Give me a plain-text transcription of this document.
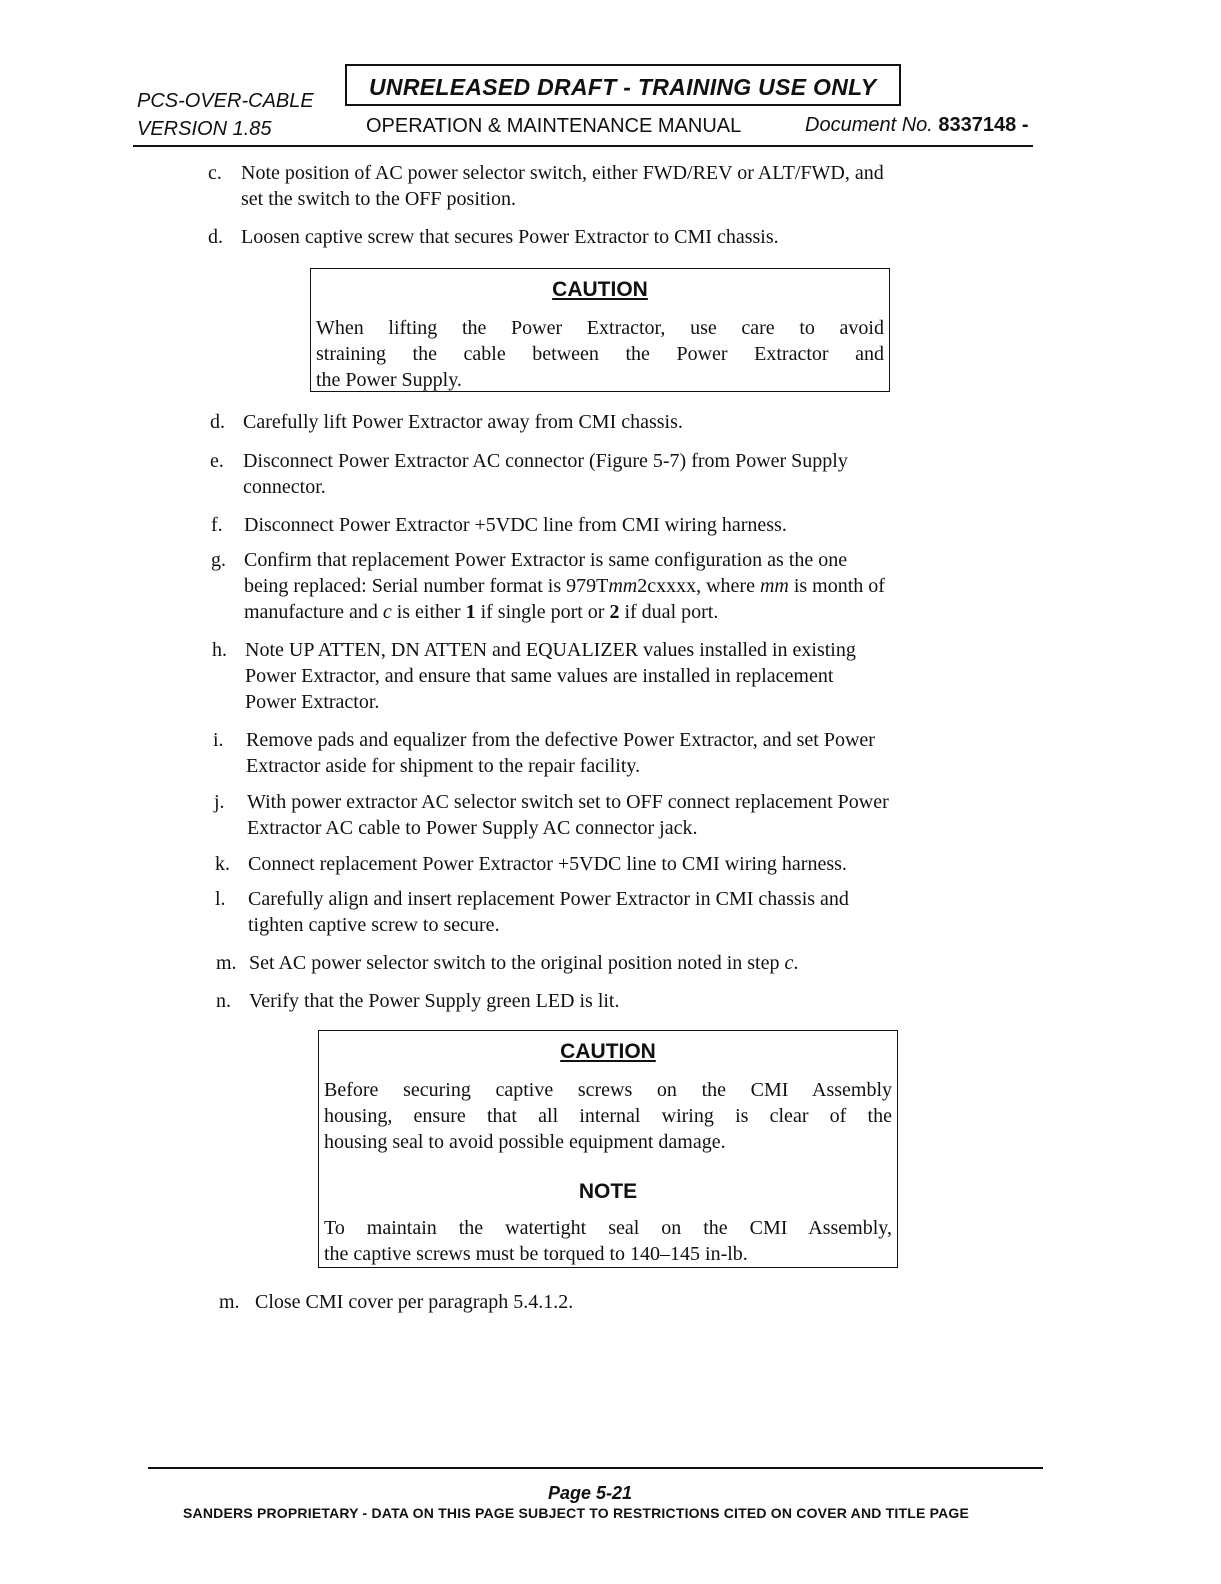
PCS-OVER-CABLE
VERSION 1.85
UNRELEASED DRAFT - TRAINING USE ONLY
OPERATION & MAINTENANCE MANUAL	Document No. 8337148 -
c. Note position of AC power selector switch, either FWD/REV or ALT/FWD, and
set the switch to the OFF position.
d. Loosen captive screw that secures Power Extractor to CMI chassis.
CAUTION
When lifting the Power Extractor, use care to avoid
straining the cable between the Power Extractor and
the Power Supply.
d. Carefully lift Power Extractor away from CMI chassis.
e. Disconnect Power Extractor AC connector (Figure 5-7) from Power Supply
connector.
f. Disconnect Power Extractor +5VDC line from CMI wiring harness.
g. Confirm that replacement Power Extractor is same configuration as the one
being replaced: Serial number format is 979Tmm2cxxxx, where mm is month of
manufacture and c is either 1 if single port or 2 if dual port.
h. Note UP ATTEN, DN ATTEN and EQUALIZER values installed in existing
Power Extractor, and ensure that same values are installed in replacement
Power Extractor.
i. Remove pads and equalizer from the defective Power Extractor, and set Power
Extractor aside for shipment to the repair facility.
j. With power extractor AC selector switch set to OFF connect replacement Power
Extractor AC cable to Power Supply AC connector jack.
k. Connect replacement Power Extractor +5VDC line to CMI wiring harness.
l. Carefully align and insert replacement Power Extractor in CMI chassis and
tighten captive screw to secure.
m. Set AC power selector switch to the original position noted in step c.
n. Verify that the Power Supply green LED is lit.
CAUTION
Before securing captive screws on the CMI Assembly
housing, ensure that all internal wiring is clear of the
housing seal to avoid possible equipment damage.
NOTE
To maintain the watertight seal on the CMI Assembly,
the captive screws must be torqued to 140–145 in-lb.
m. Close CMI cover per paragraph 5.4.1.2.
Page 5-21
SANDERS PROPRIETARY - DATA ON THIS PAGE SUBJECT TO RESTRICTIONS CITED ON COVER AND TITLE PAGE
